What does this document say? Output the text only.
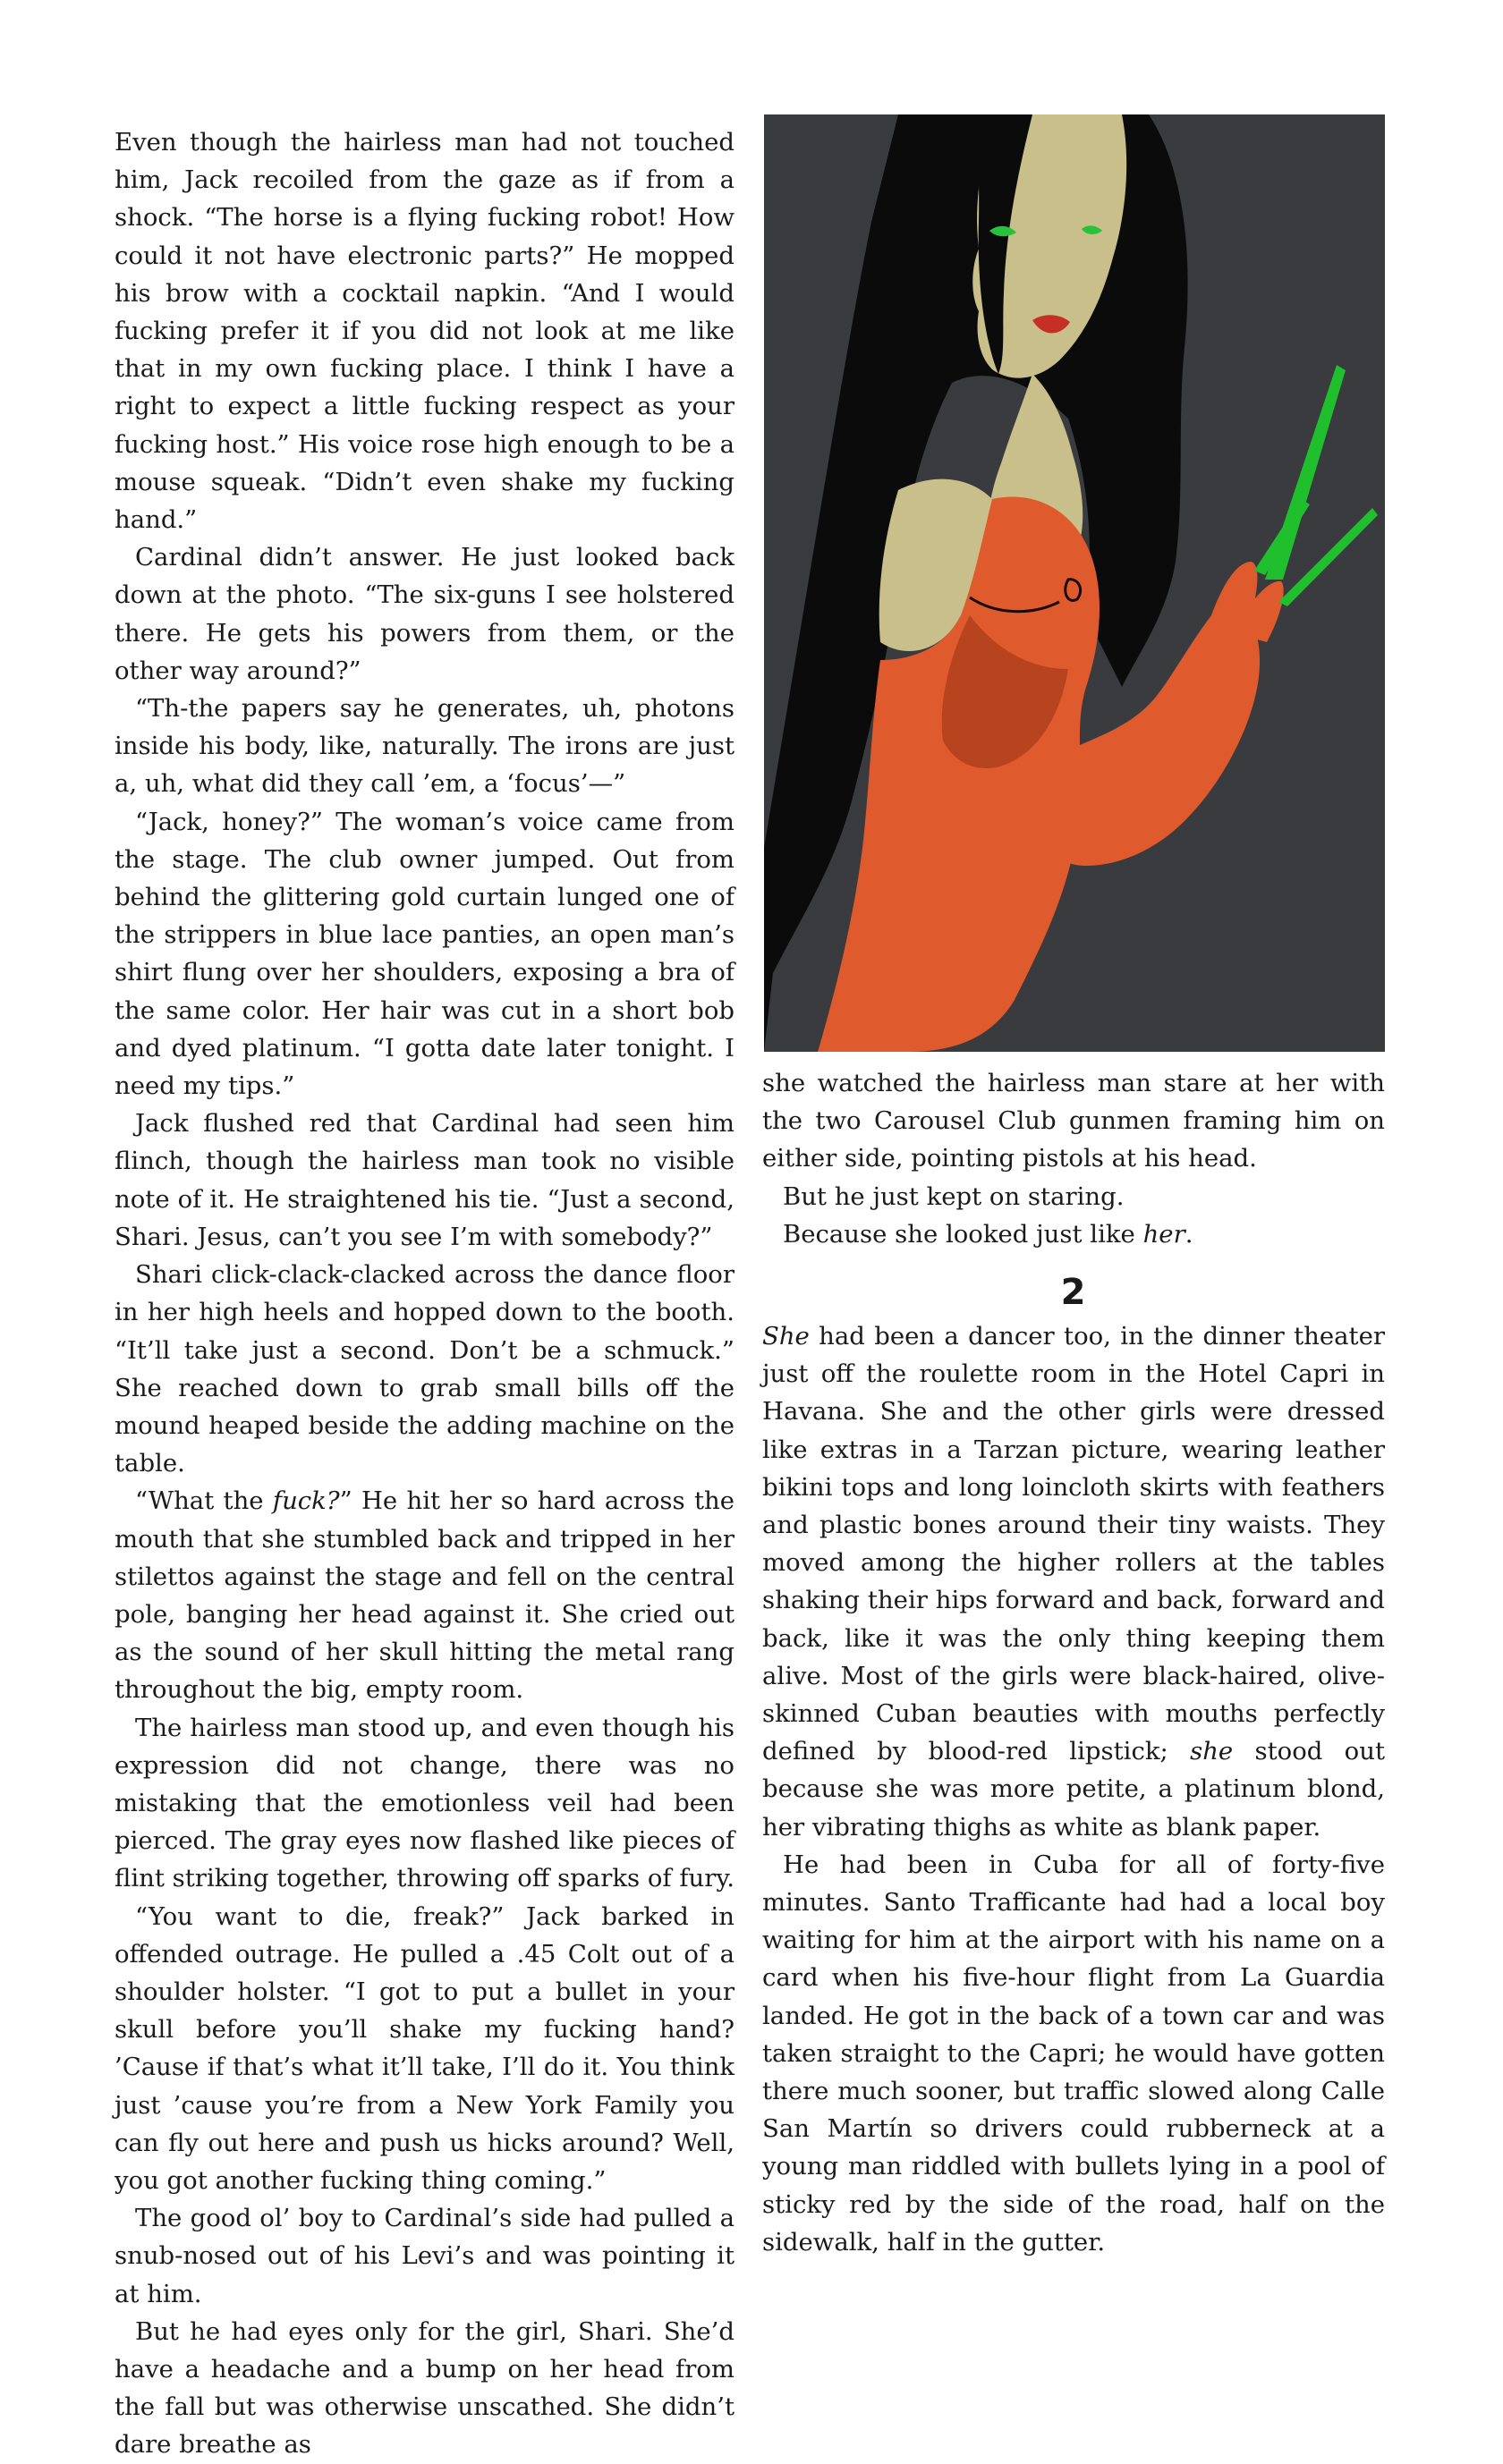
Even though the hairless man had not touched him, Jack recoiled from the gaze as if from a shock. “The horse is a flying fucking robot! How could it not have electronic parts?” He mopped his brow with a cocktail napkin. “And I would fucking prefer it if you did not look at me like that in my own fucking place. I think I have a right to expect a little fucking respect as your fucking host.” His voice rose high enough to be a mouse squeak. “Didn’t even shake my fucking hand.”

Cardinal didn’t answer. He just looked back down at the photo. “The six-guns I see holstered there. He gets his powers from them, or the other way around?”

“Th-the papers say he generates, uh, photons inside his body, like, naturally. The irons are just a, uh, what did they call ’em, a ‘focus’—”

“Jack, honey?” The woman’s voice came from the stage. The club owner jumped. Out from behind the glittering gold curtain lunged one of the strippers in blue lace panties, an open man’s shirt flung over her shoulders, exposing a bra of the same color. Her hair was cut in a short bob and dyed platinum. “I gotta date later tonight. I need my tips.”

Jack flushed red that Cardinal had seen him flinch, though the hairless man took no visible note of it. He straightened his tie. “Just a second, Shari. Jesus, can’t you see I’m with somebody?”

Shari click-clack-clacked across the dance floor in her high heels and hopped down to the booth. “It’ll take just a second. Don’t be a schmuck.” She reached down to grab small bills off the mound heaped beside the adding machine on the table.

“What the fuck?” He hit her so hard across the mouth that she stumbled back and tripped in her stilettos against the stage and fell on the central pole, banging her head against it. She cried out as the sound of her skull hitting the metal rang throughout the big, empty room.

The hairless man stood up, and even though his expression did not change, there was no mistaking that the emotionless veil had been pierced. The gray eyes now flashed like pieces of flint striking together, throwing off sparks of fury.

“You want to die, freak?” Jack barked in offended outrage. He pulled a .45 Colt out of a shoulder holster. “I got to put a bullet in your skull before you’ll shake my fucking hand? ’Cause if that’s what it’ll take, I’ll do it. You think just ’cause you’re from a New York Family you can fly out here and push us hicks around? Well, you got another fucking thing coming.”

The good ol’ boy to Cardinal’s side had pulled a snub-nosed out of his Levi’s and was pointing it at him.

But he had eyes only for the girl, Shari. She’d have a headache and a bump on her head from the fall but was otherwise unscathed. She didn’t dare breathe as

she watched the hairless man stare at her with the two Carousel Club gunmen framing him on either side, pointing pistols at his head.

But he just kept on staring.

Because she looked just like her.

2

She had been a dancer too, in the dinner theater just off the roulette room in the Hotel Capri in Havana. She and the other girls were dressed like extras in a Tarzan picture, wearing leather bikini tops and long loincloth skirts with feathers and plastic bones around their tiny waists. They moved among the higher rollers at the tables shaking their hips forward and back, forward and back, like it was the only thing keeping them alive. Most of the girls were black-haired, olive-skinned Cuban beauties with mouths perfectly defined by blood-red lipstick; she stood out because she was more petite, a platinum blond, her vibrating thighs as white as blank paper.

He had been in Cuba for all of forty-five minutes. Santo Trafficante had had a local boy waiting for him at the airport with his name on a card when his five-hour flight from La Guardia landed. He got in the back of a town car and was taken straight to the Capri; he would have gotten there much sooner, but traffic slowed along Calle San Martín so drivers could rubberneck at a young man riddled with bullets lying in a pool of sticky red by the side of the road, half on the sidewalk, half in the gutter.
